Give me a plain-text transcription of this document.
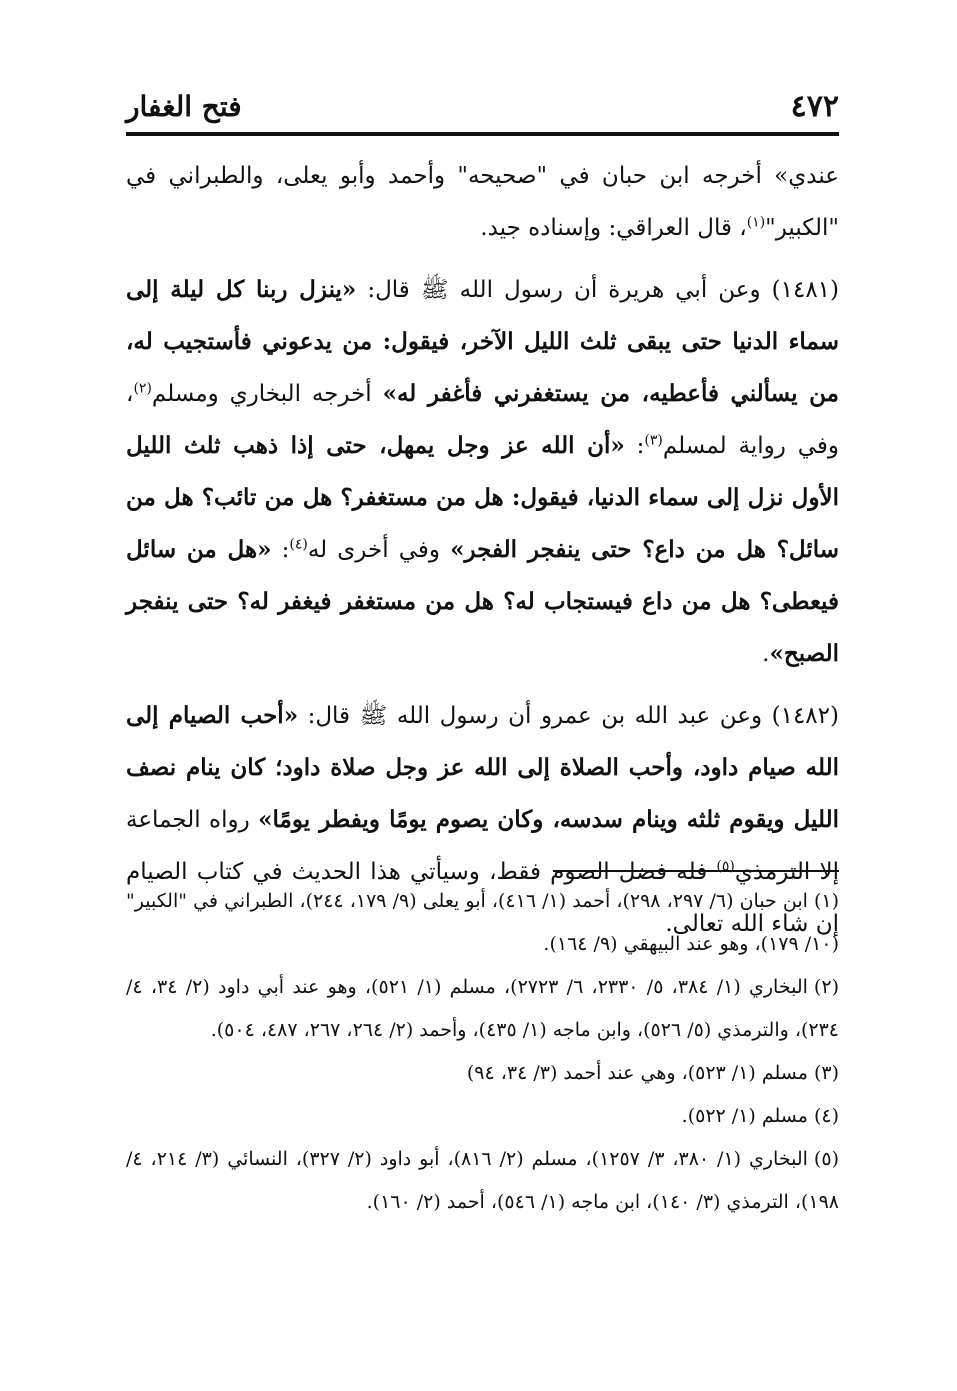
٤٧٢
فتح الغفار

عندي» أخرجه ابن حبان في "صحيحه" وأحمد وأبو يعلى، والطبراني في "الكبير"$^{(١)}$، قال العراقي: وإسناده جيد.

(١٤٨١) وعن أبي هريرة أن رسول الله ﷺ قال: «ينزل ربنا كل ليلة إلى سماء الدنيا حتى يبقى ثلث الليل الآخر، فيقول: من يدعوني فأستجيب له، من يسألني فأعطيه، من يستغفرني فأغفر له» أخرجه البخاري ومسلم$^{(٢)}$، وفي رواية لمسلم$^{(٣)}$: «أن الله عز وجل يمهل، حتى إذا ذهب ثلث الليل الأول نزل إلى سماء الدنيا، فيقول: هل من مستغفر؟ هل من تائب؟ هل من سائل؟ هل من داع؟ حتى ينفجر الفجر» وفي أخرى له$^{(٤)}$: «هل من سائل فيعطى؟ هل من داع فيستجاب له؟ هل من مستغفر فيغفر له؟ حتى ينفجر الصبح».

(١٤٨٢) وعن عبد الله بن عمرو أن رسول الله ﷺ قال: «أحب الصيام إلى الله صيام داود، وأحب الصلاة إلى الله عز وجل صلاة داود؛ كان ينام نصف الليل ويقوم ثلثه وينام سدسه، وكان يصوم يومًا ويفطر يومًا» رواه الجماعة إلا الترمذي$^{(٥)}$ فله فضل الصوم فقط، وسيأتي هذا الحديث في كتاب الصيام إن شاء الله تعالى.

(١)ابن حبان (٦/ ٢٩٧، ٢٩٨)، أحمد (١/ ٤١٦)، أبو يعلى (٩/ ١٧٩، ٢٤٤)، الطبراني في "الكبير" (١٠/ ١٧٩)، وهو عند البيهقي (٩/ ١٦٤).

(٢)البخاري (١/ ٣٨٤، ٥/ ٢٣٣٠، ٦/ ٢٧٢٣)، مسلم (١/ ٥٢١)، وهو عند أبي داود (٢/ ٣٤، ٤/ ٢٣٤)، والترمذي (٥/ ٥٢٦)، وابن ماجه (١/ ٤٣٥)، وأحمد (٢/ ٢٦٤، ٢٦٧، ٤٨٧، ٥٠٤).

(٣)مسلم (١/ ٥٢٣)، وهي عند أحمد (٣/ ٣٤، ٩٤)

(٤)مسلم (١/ ٥٢٢).

(٥)البخاري (١/ ٣٨٠، ٣/ ١٢٥٧)، مسلم (٢/ ٨١٦)، أبو داود (٢/ ٣٢٧)، النسائي (٣/ ٢١٤، ٤/ ١٩٨)، الترمذي (٣/ ١٤٠)، ابن ماجه (١/ ٥٤٦)، أحمد (٢/ ١٦٠).
